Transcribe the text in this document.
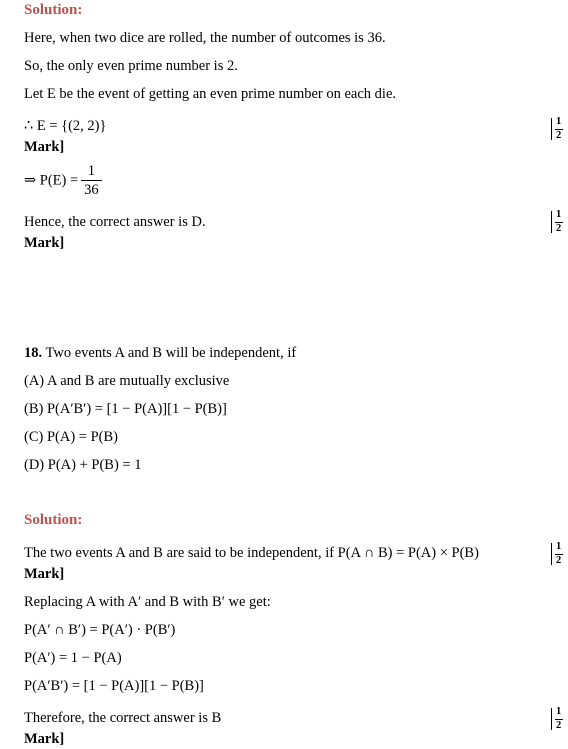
Solution:
Here, when two dice are rolled, the number of outcomes is 36.
So, the only even prime number is 2.
Let E be the event of getting an even prime number on each die.
∴ E = {(2, 2)}	1
2
Mark]
⇒ $P(E) = \frac{1}{36}$
Hence, the correct answer is D.	1
2
Mark]
18. Two events A and B will be independent, if
(A) A and B are mutually exclusive
(B) P(A′B′) = [1 − P(A)][1 − P(B)]
(C) P(A) = P(B)
(D) P(A) + P(B) = 1
Solution:
The two events A and B are said to be independent, if P(A ∩ B) = P(A) × P(B)	1
2
Mark]
Replacing A with A′ and B with B′ we get:
P(A′ ∩ B′) = P(A′) · P(B′)
P(A′) = 1 − P(A)
P(A′B′) = [1 − P(A)][1 − P(B)]
Therefore, the correct answer is B	1
2
Mark]
